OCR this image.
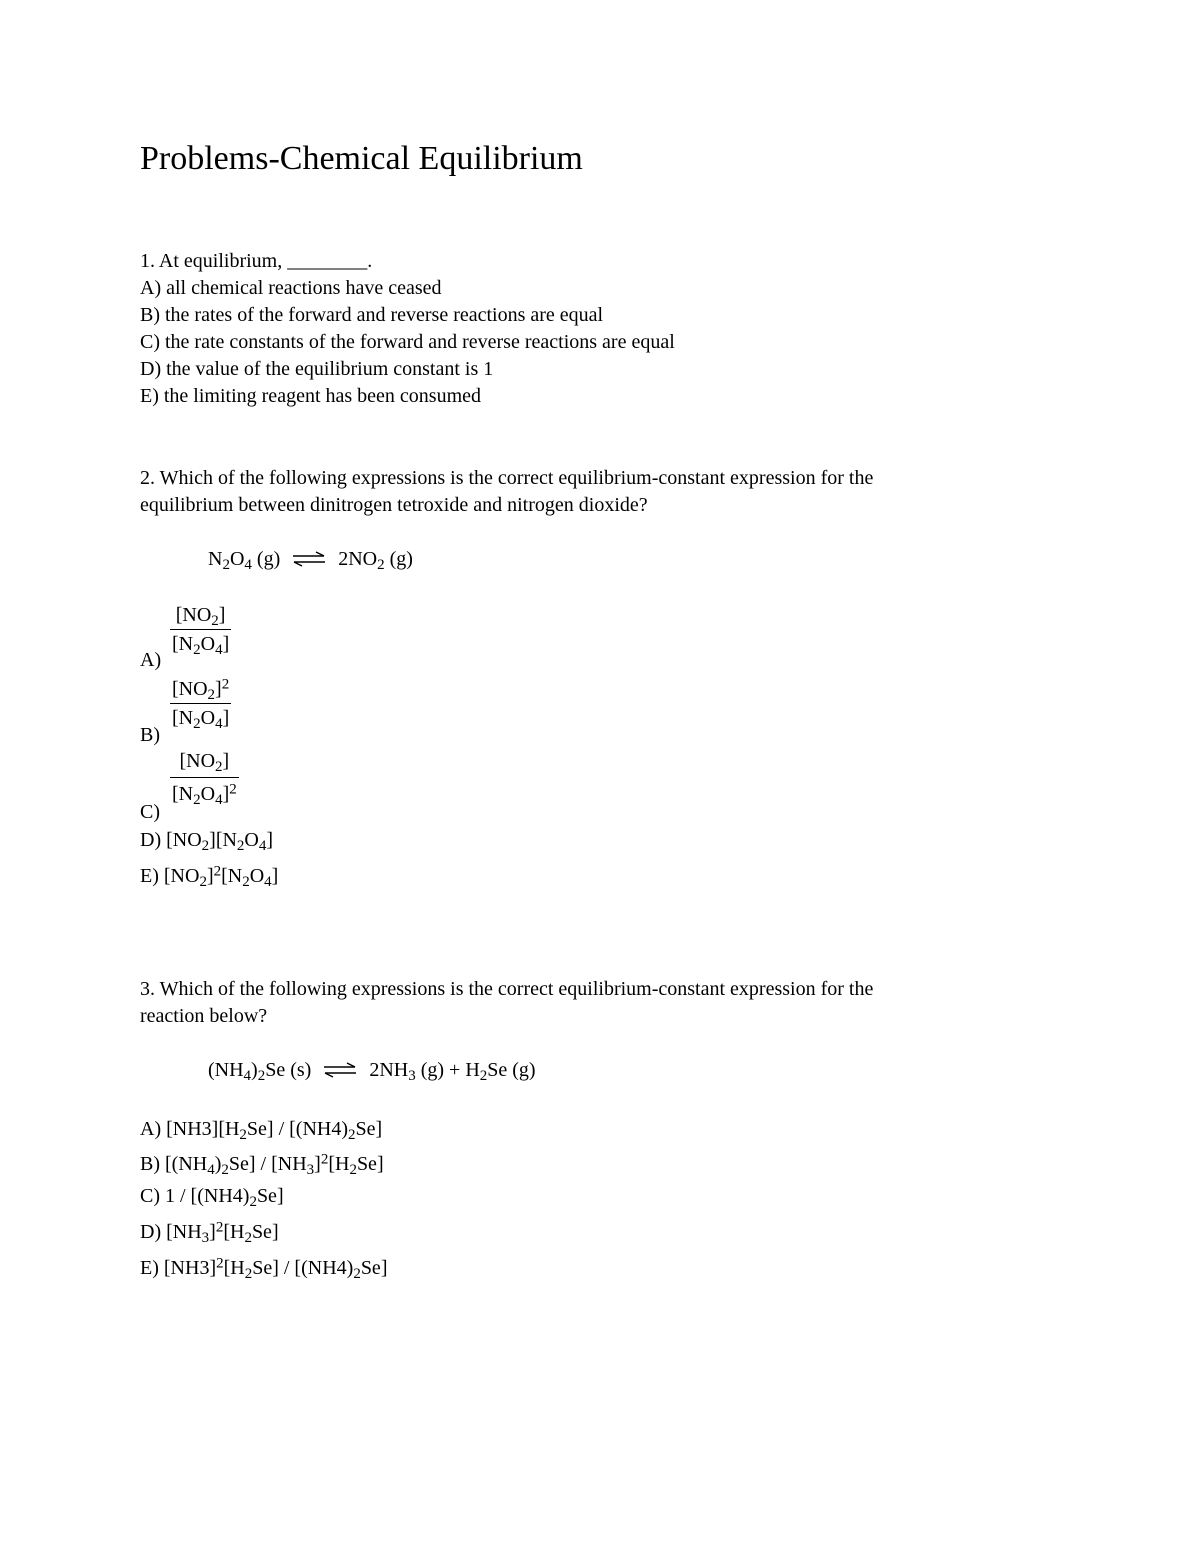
Problems-Chemical Equilibrium
1. At equilibrium, ________.
A) all chemical reactions have ceased
B) the rates of the forward and reverse reactions are equal
C) the rate constants of the forward and reverse reactions are equal
D) the value of the equilibrium constant is 1
E) the limiting reagent has been consumed
2. Which of the following expressions is the correct equilibrium-constant expression for the
equilibrium between dinitrogen tetroxide and nitrogen dioxide?
$N_2O_4$ (g) ⇌ $2NO_2$ (g)
$[NO_2]$
$[N_2O_4]$
A)
$[NO_2]^2$
$[N_2O_4]$
B)
$[NO_2]$
$[N_2O_4]^2$
C)
D) $[NO_2][N_2O_4]$
E) $[NO_2]^2[N_2O_4]$
3. Which of the following expressions is the correct equilibrium-constant expression for the
reaction below?
$(NH_4)_2Se$ (s) ⇌ $2NH_3$ $(g) + H_2Se$ (g)
A) $[NH3][H_2Se] / [(NH4)_2Se]$
B) $[(NH_4)_2Se] / [NH_3]^2[H_2Se]$
C) $1 / [(NH4)_2Se]$
D) $[NH_3]^2[H_2Se]$
E) $[NH3]^2[H_2Se] / [(NH4)_2Se]$
